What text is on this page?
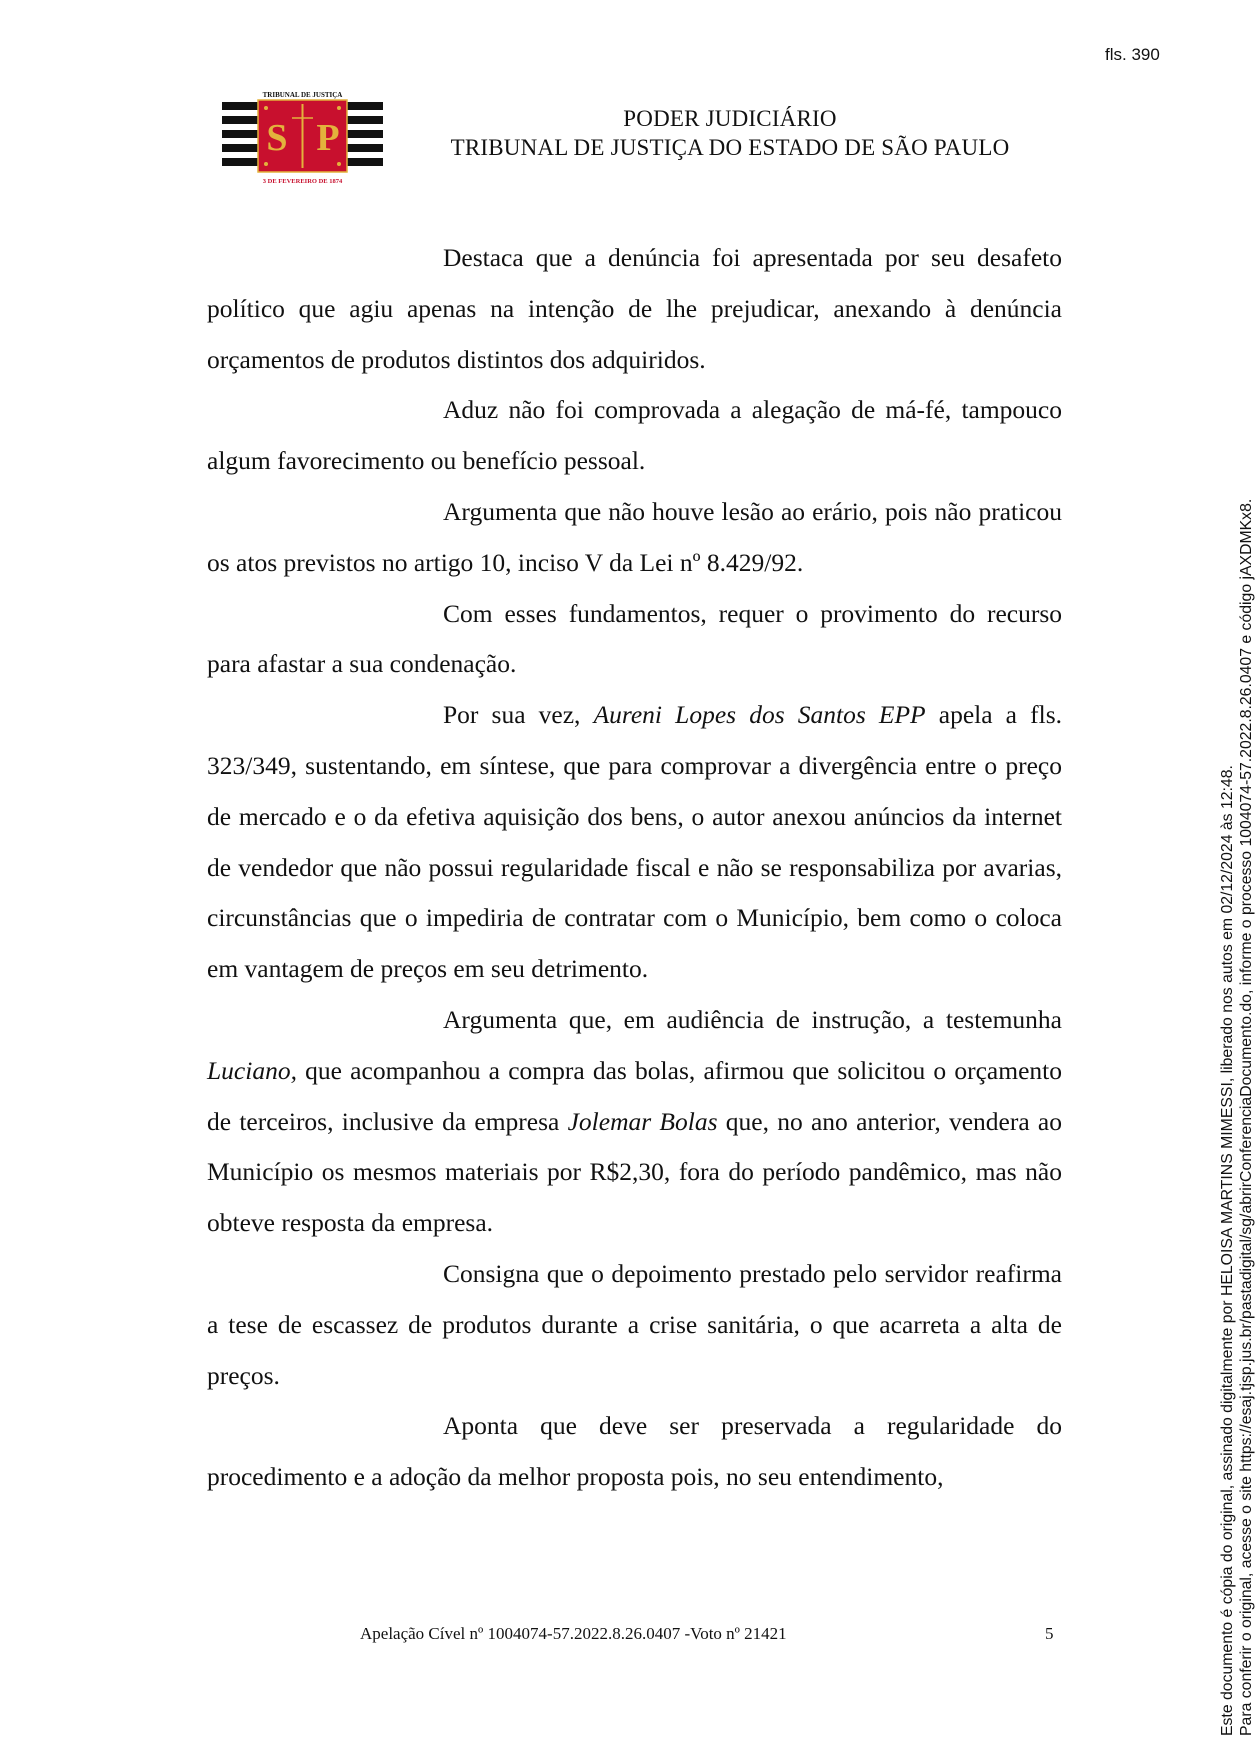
fls. 390
TRIBUNAL DE JUSTIÇA
S P
3 DE FEVEREIRO DE 1874
PODER JUDICIÁRIO
TRIBUNAL DE JUSTIÇA DO ESTADO DE SÃO PAULO

Destaca que a denúncia foi apresentada por seu desafeto político que agiu apenas na intenção de lhe prejudicar, anexando à denúncia orçamentos de produtos distintos dos adquiridos.

Aduz não foi comprovada a alegação de má-fé, tampouco algum favorecimento ou benefício pessoal.

Argumenta que não houve lesão ao erário, pois não praticou os atos previstos no artigo 10, inciso V da Lei nº 8.429/92.

Com esses fundamentos, requer o provimento do recurso para afastar a sua condenação.

Por sua vez, Aureni Lopes dos Santos EPP apela a fls. 323/349, sustentando, em síntese, que para comprovar a divergência entre o preço de mercado e o da efetiva aquisição dos bens, o autor anexou anúncios da internet de vendedor que não possui regularidade fiscal e não se responsabiliza por avarias, circunstâncias que o impediria de contratar com o Município, bem como o coloca em vantagem de preços em seu detrimento.

Argumenta que, em audiência de instrução, a testemunha Luciano, que acompanhou a compra das bolas, afirmou que solicitou o orçamento de terceiros, inclusive da empresa Jolemar Bolas que, no ano anterior, vendera ao Município os mesmos materiais por R$2,30, fora do período pandêmico, mas não obteve resposta da empresa.

Consigna que o depoimento prestado pelo servidor reafirma a tese de escassez de produtos durante a crise sanitária, o que acarreta a alta de preços.

Aponta que deve ser preservada a regularidade do procedimento e a adoção da melhor proposta pois, no seu entendimento,

Apelação Cível nº 1004074-57.2022.8.26.0407 -Voto nº 21421	5	Este documento é cópia do original, assinado digitalmente por HELOISA MARTINS MIMESSI, liberado nos autos em 02/12/2024 às 12:48. Para conferir o original, acesse o site https://esaj.tjsp.jus.br/pastadigital/sg/abrirConferenciaDocumento.do, informe o processo 1004074-57.2022.8.26.0407 e código jAXDMKx8.
